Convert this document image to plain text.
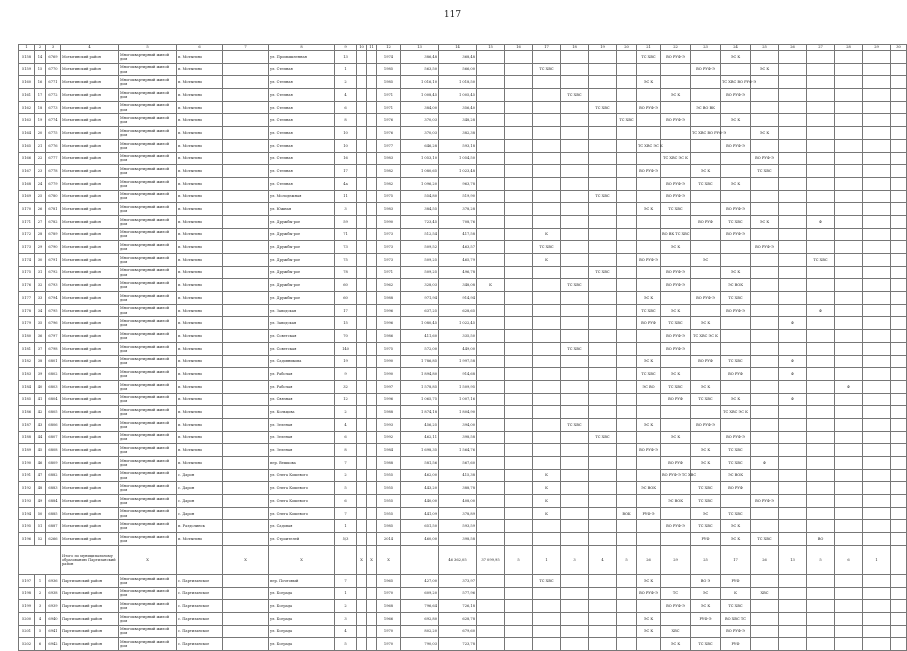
117
1	2	3	4	5	6	7	8	9	10	11	12	13	14	15	16	17	18	19	20	21	22	23	24	25	26	27	28	29	30
5158	14	6769	Мотыгинский район	Многоквартирный жилой дом	п. Мотыгино		ул. Промышленная	13			1974	386,48	368,48							ТС ХВС	ВО РУФ-Э		ЭС К						
5159	15	6770	Мотыгинский район	Многоквартирный жилой дом	п. Мотыгино		ул. Степная	1			1985	563,50	566,00			ТС ХВС						ВО РУФ-Э		ЭС К					
5160	16	6771	Мотыгинский район	Многоквартирный жилой дом	п. Мотыгино		ул. Степная	2			1985	1 016,10	1 018,50							ЭС К			ТС ХВС ВО РУФ-Э						
5161	17	6772	Мотыгинский район	Многоквартирный жилой дом	п. Мотыгино		ул. Степная	4			1971	1 008,45	1 005,45				ТС ХВС				ЭС К		ВО РУФ-Э						
5162	18	6773	Мотыгинский район	Многоквартирный жилой дом	п. Мотыгино		ул. Степная	6			1971	384,00	356,40					ТС ХВС		ВО РУФ-Э		ЭС ВО ВК							
5163	19	6774	Мотыгинский район	Многоквартирный жилой дом	п. Мотыгино		ул. Степная	8			1976	370,03	348,28						ТС ХВС		ВО РУФ-Э		ЭС К						
5164	20	6775	Мотыгинский район	Многоквартирный жилой дом	п. Мотыгино		ул. Степная	10			1976	370,03	382,38									ТС ХВС ВО РУФ-Э		ЭС К					
5165	21	6776	Мотыгинский район	Многоквартирный жилой дом	п. Мотыгино		ул. Степная	10			1977	646,28	593,18							ТС ХВС ЭС К			ВО РУФ-Э						
5166	22	6777	Мотыгинский район	Многоквартирный жилой дом	п. Мотыгино		ул. Степная	16			1983	1 053,10	1 054,50								ТС ХВС ЭС К			ВО РУФ-Э					
5167	23	6778	Мотыгинский район	Многоквартирный жилой дом	п. Мотыгино		ул. Степная	17			1982	1 080,65	1 023,48							ВО РУФ-Э		ЭС К		ТС ХВС					
5168	24	6779	Мотыгинский район	Многоквартирный жилой дом	п. Мотыгино		ул. Степная	4а			1982	1 096,20	963,78								ВО РУФ-Э	ТС ХВС	ЭС К						
5169	25	6780	Мотыгинский район	Многоквартирный жилой дом	п. Мотыгино		ул. Молодежная	11			1975	554,80	519,90					ТС ХВС			ВО РУФ-Э								
5170	26	6781	Мотыгинский район	Многоквартирный жилой дом	п. Мотыгино		ул. Южная	3			1983	384,55	378,28							ЭС К	ТС ХВС		ВО РУФ-Э						
5171	27	6782	Мотыгинский район	Многоквартирный жилой дом	п. Мотыгино		ул. Дружбы-рое	59			1990	723,45	708,76									ВО РУФ	ТС ХВС	ЭС К		Ф			
5172	28	6789	Мотыгинский район	Многоквартирный жилой дом	п. Мотыгино		ул. Дружбы-рое	71			1973	512,54	417,58			К					ВО ВК ТС ХВС		ВО РУФ-Э						
5173	29	6790	Мотыгинский район	Многоквартирный жилой дом	п. Мотыгино		ул. Дружбы-рое	73			1973	509,52	463,57			ТС ХВС					ЭС К			ВО РУФ-Э					
5174	30	6791	Мотыгинский район	Многоквартирный жилой дом	п. Мотыгино		ул. Дружбы-рое	75			1973	509,25	465,79			К				ВО РУФ-Э		ЭС				ТС ХВС			
5175	31	6792	Мотыгинский район	Многоквартирный жилой дом	п. Мотыгино		ул. Дружбы-рое	78			1971	509,25	496,78					ТС ХВС			ВО РУФ-Э		ЭС К						
5176	32	6793	Мотыгинский район	Многоквартирный жилой дом	п. Мотыгино		ул. Дружбы-рое	60			1962	328,03	348,08	К			ТС ХВС				ВО РУФ-Э		ЭС ВОК						
5177	33	6794	Мотыгинский район	Многоквартирный жилой дом	п. Мотыгино		ул. Дружбы-рое	60			1988	971,94	914,94							ЭС К		ВО РУФ-Э	ТС ХВС						
5178	34	6795	Мотыгинский район	Многоквартирный жилой дом	п. Мотыгино		ул. Заводская	17			1996	637,25	628,65							ТС ХВС	ЭС К		ВО РУФ-Э			Ф			
5179	35	6796	Мотыгинский район	Многоквартирный жилой дом	п. Мотыгино		ул. Заводская	15			1996	1 080,45	1 022,45							ВО РУФ	ТС ХВС	ЭС К			Ф				
5180	36	6797	Мотыгинский район	Многоквартирный жилой дом	п. Мотыгино		ул. Советская	70			1986	411,60	335,50								ВО РУФ-Э	ТС ХВС ЭС К							
5181	37	6798	Мотыгинский район	Многоквартирный жилой дом	п. Мотыгино		ул. Советская	140			1975	572,00	449,00				ТС ХВС				ВО РУФ-Э								
5182	38	6801	Мотыгинский район	Многоквартирный жилой дом	п. Мотыгино		ул. Садовникова	19			1990	1 786,85	1 997,58							ЭС К		ВО РУФ	ТС ХВС		Ф				
5183	39	6802	Мотыгинский район	Многоквартирный жилой дом	п. Мотыгино		ул. Рабочая	9			1990	1 894,80	914,68							ТС ХВС	ЭС К		ВО РУФ		Ф				
5184	40	6803	Мотыгинский район	Многоквартирный жилой дом	п. Мотыгино		ул. Рабочая	32			1997	1 578,85	1 509,95							ЭС ВО	ТС ХВС	ЭС К					Ф		
5185	41	6804	Мотыгинский район	Многоквартирный жилой дом	п. Мотыгино		ул. Связная	12			1996	1 065,75	1 007,16								ВО РУФ	ТС ХВС	ЭС К		Ф				
5186	42	6805	Мотыгинский район	Многоквартирный жилой дом	п. Мотыгино		ул. Кольцова	2			1988	1 874,18	1 804,90										ТС ХВС ЭС К						
5187	43	6806	Мотыгинский район	Многоквартирный жилой дом	п. Мотыгино		ул. Зеленая	4			1993	456,25	394,00				ТС ХВС			ЭС К		ВО РУФ-Э							
5188	44	6807	Мотыгинский район	Многоквартирный жилой дом	п. Мотыгино		ул. Зеленая	6			1992	462,11	398,58					ТС ХВС			ЭС К		ВО РУФ-Э						
5189	45	6808	Мотыгинский район	Многоквартирный жилой дом	п. Мотыгино		ул. Зеленая	8			1984	1 698,35	1 564,76							ВО РУФ-Э		ЭС К	ТС ХВС						
5190	46	6809	Мотыгинский район	Многоквартирный жилой дом	п. Мотыгино		пер. Вешкова	7			1988	581,56	567,60								ВО РУФ	ЭС К	ТС ХВС	Ф					
5191	47	6882	Мотыгинский район	Многоквартирный жилой дом	с. Дарон		ул. Олега Кошевого	2			1955	462,00	415,38			К					ВО РУФ-Э ТС ХВС		ЭС ВОК						
5192	48	6883	Мотыгинский район	Многоквартирный жилой дом	с. Дарон		ул. Олега Кошевого	5			1955	443,20	388,78			К				ЭС ВОК		ТС ХВС	ВО РУФ						
5193	49	6884	Мотыгинский район	Многоквартирный жилой дом	с. Дарон		ул. Олега Кошевого	6			1955	440,00	408,00			К					ЭС ВОК	ТС ХВС		ВО РУФ-Э					
5194	50	6885	Мотыгинский район	Многоквартирный жилой дом	с. Дарон		ул. Олега Кошевого	7			1955	441,09	378,89			К			ВОК	РУФ-Э		ЭС	ТС ХВС						
5195	51	6887	Мотыгинский район	Многоквартирный жилой дом	п. Раздолинск		ул. Садовая	1			1985	651,50	593,59								ВО РУФ-Э	ТС ХВС	ЭС К						
5196	52	6266	Мотыгинский район	Многоквартирный жилой дом	п. Мотыгино		ул. Строителей	5/3			2014	460,00	398,58									РУФ	ЭС К	ТС ХВС		ВО			
			Итого по муниципальному образованию Партизанский район	X		X	X		X	X	X		46 362,05	37 099,95	5	1	3	4	5	26	29	25	17	26	13	5	6	1	
5197	1	6936	Партизанский район	Многоквартирный жилой дом	с. Партизанское		пер. Почтовый	7			1965	427,00	373,97			ТС ХВС				ЭС К		ВО Э	РУФ						
5198	2	6938	Партизанский район	Многоквартирный жилой дом	с. Партизанское		ул. Бограда	1			1970	609,20	577,96							ВО РУФ-Э	ТС	ЭС	К	ХВС					
5199	3	6939	Партизанский район	Многоквартирный жилой дом	с. Партизанское		ул. Бограда	2			1968	796,64	726,18								ВО РУФ-Э	ЭС К	ТС ХВС						
5200	4	6940	Партизанский район	Многоквартирный жилой дом	с. Партизанское		ул. Бограда	3			1966	692,80	628,78							ЭС К		РУФ-Э	ВО ХВС ТС						
5201	5	6941	Партизанский район	Многоквартирный жилой дом	с. Партизанское		ул. Бограда	4			1970	802,20	679,60							ЭС К	ХВС		ВО РУФ-Э						
5202	6	6942	Партизанский район	Многоквартирный жилой дом	с. Партизанское		ул. Бограда	5			1970	790,03	723,78								ЭС К	ТС ХВС	РУФ						
